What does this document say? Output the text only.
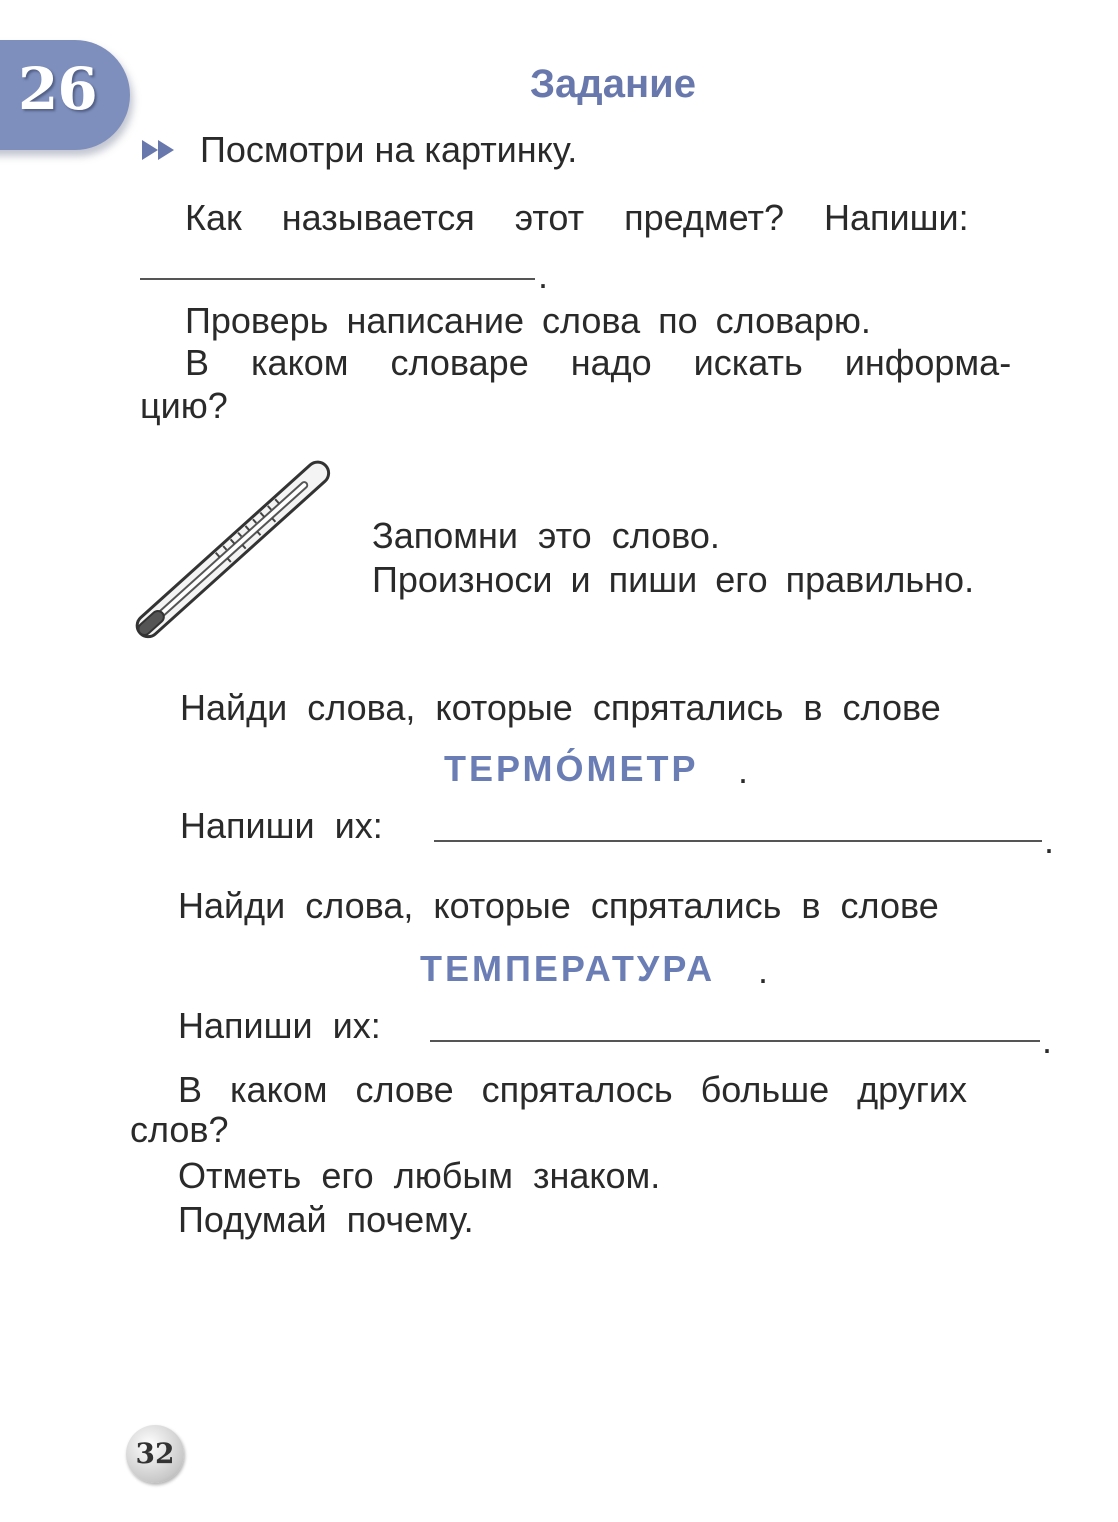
26	Задание
Посмотри на картинку.
Как называется этот предмет? Напиши:
.
Проверь написание слова по словарю.
В каком словаре надо искать информа-
цию?
Запомни это слово.
Произноси и пиши его правильно.
Найди слова, которые спрятались в слове
ТЕРМО́МЕТР .
Напиши их:	.
Найди слова, которые спрятались в слове
ТЕМПЕРАТУРА .
Напиши их:	.
В каком слове спряталось больше других
слов?
Отметь его любым знаком.
Подумай почему.
32
